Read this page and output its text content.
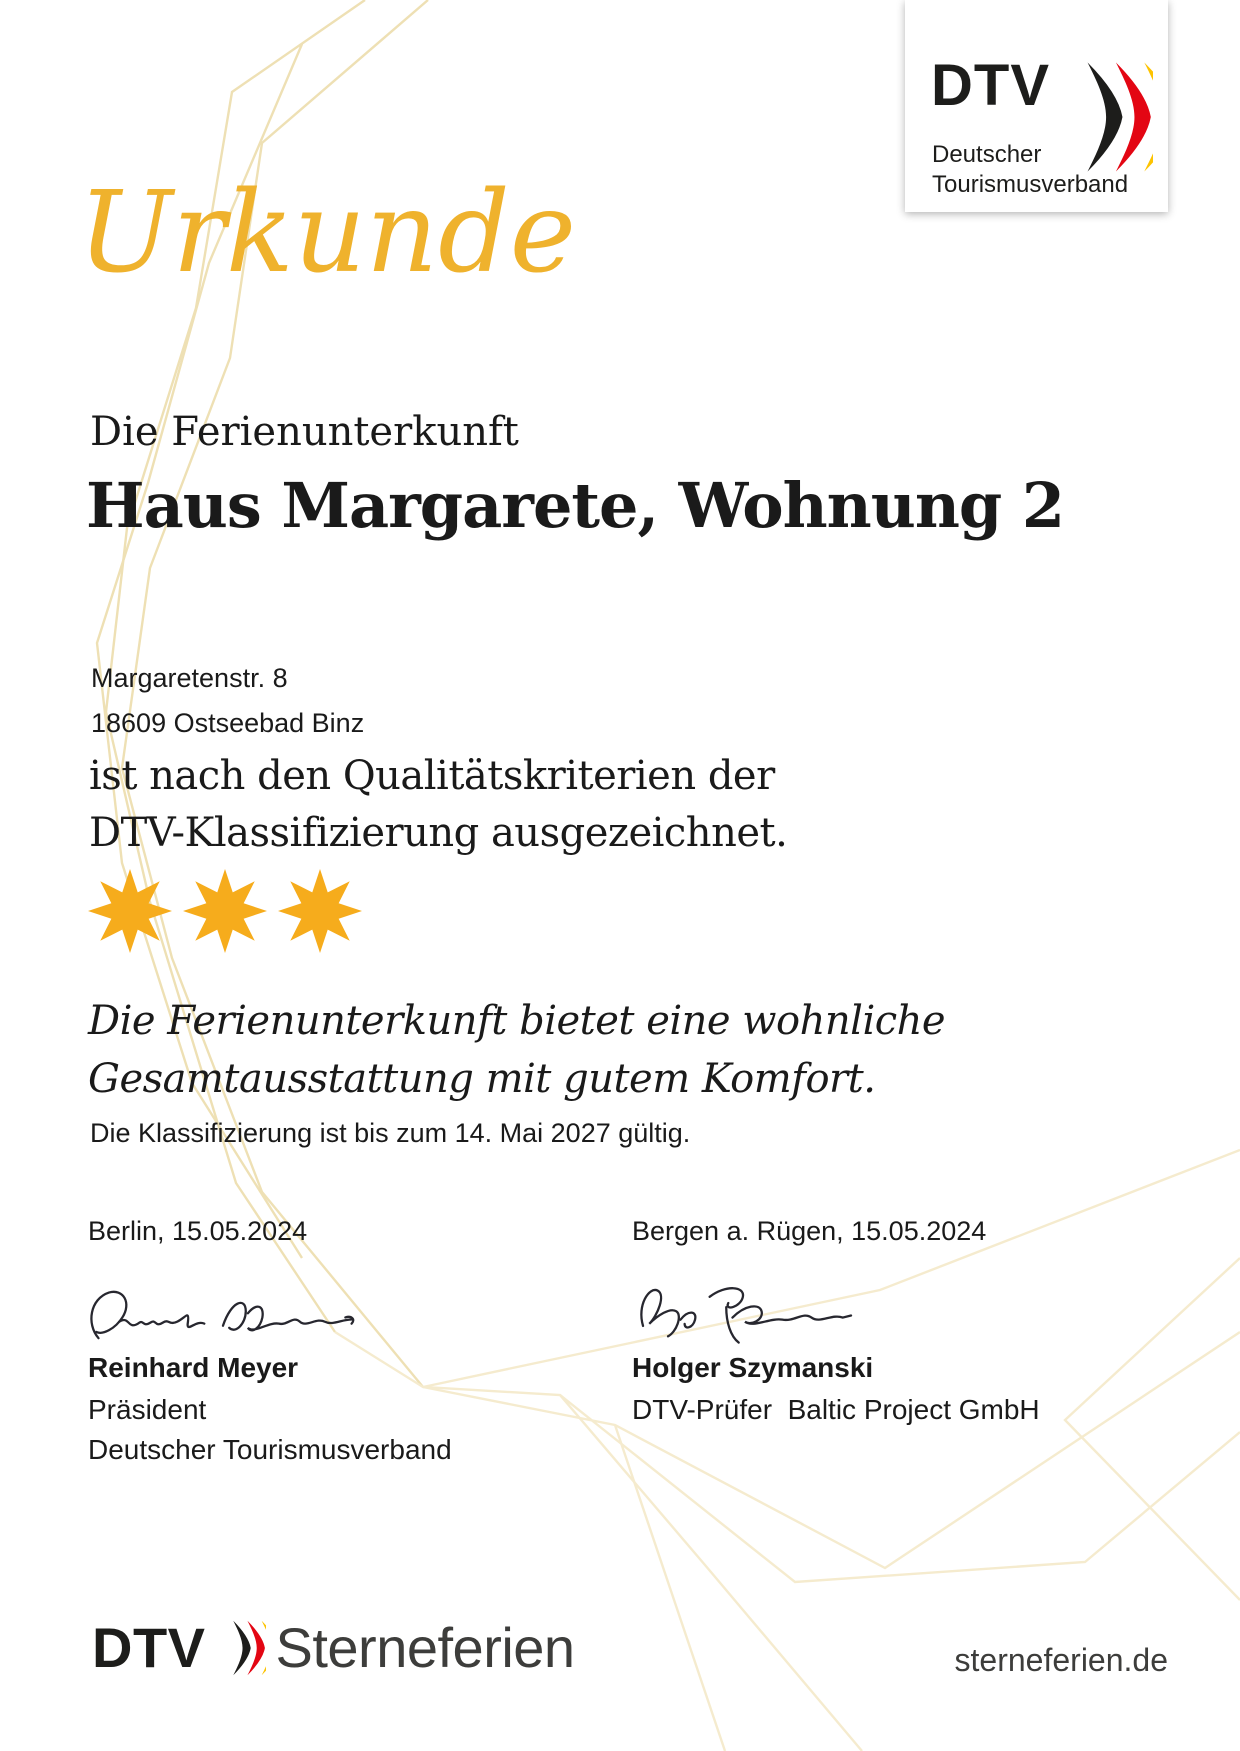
DTV
Deutscher
Tourismusverband
Urkunde
Die Ferienunterkunft
Haus Margarete, Wohnung 2
Margaretenstr. 8
18609 Ostseebad Binz
ist nach den Qualitätskriterien der
DTV-Klassifizierung ausgezeichnet.
Die Ferienunterkunft bietet eine wohnliche
Gesamtausstattung mit gutem Komfort.
Die Klassifizierung ist bis zum 14. Mai 2027 gültig.
Berlin, 15.05.2024	Bergen a. Rügen, 15.05.2024
Reinhard Meyer
Präsident
Deutscher Tourismusverband
Holger Szymanski
DTV-Prüfer  Baltic Project GmbH
DTV Sterneferien	sterneferien.de
